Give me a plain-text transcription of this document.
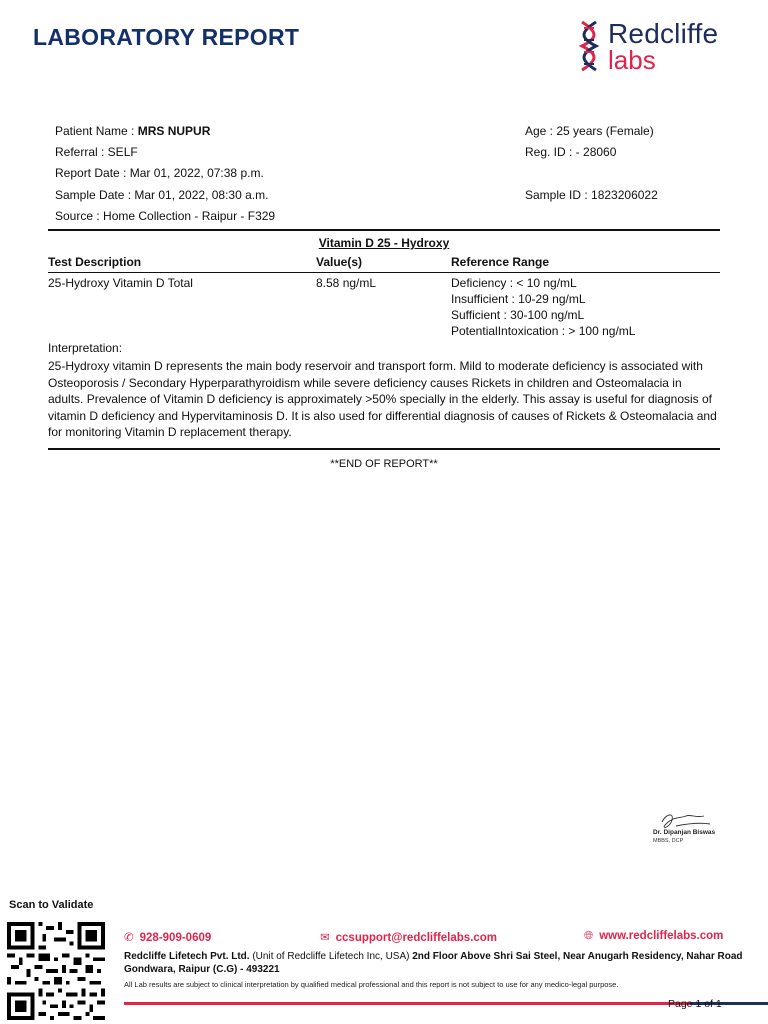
LABORATORY REPORT	Redcliffe
labs
Patient Name : MRS NUPUR	Age : 25 years (Female)
Referral : SELF	Reg. ID : - 28060
Report Date : Mar 01, 2022, 07:38 p.m.
Sample Date : Mar 01, 2022, 08:30 a.m.	Sample ID : 1823206022
Source : Home Collection - Raipur - F329
Vitamin D 25 - Hydroxy
Test Description	Value(s)	Reference Range
25-Hydroxy Vitamin D Total	8.58 ng/mL	Deficiency : < 10 ng/mL
Insufficient : 10-29 ng/mL
Sufficient : 30-100 ng/mL
PotentialIntoxication : > 100 ng/mL
Interpretation:
25-Hydroxy vitamin D represents the main body reservoir and transport form. Mild to moderate deficiency is associated with Osteoporosis / Secondary Hyperparathyroidism while severe deficiency causes Rickets in children and Osteomalacia in adults. Prevalence of Vitamin D deficiency is approximately >50% specially in the elderly. This assay is useful for diagnosis of vitamin D deficiency and Hypervitaminosis D. It is also used for differential diagnosis of causes of Rickets & Osteomalacia and for monitoring Vitamin D replacement therapy.
**END OF REPORT**
Dr. Dipanjan Biswas
MBBS, DCP
Scan to Validate
✆ 928-909-0609	✉ ccsupport@redcliffelabs.com	🌐︎ www.redcliffelabs.com
Redcliffe Lifetech Pvt. Ltd. (Unit of Redcliffe Lifetech Inc, USA) 2nd Floor Above Shri Sai Steel, Near Anugarh Residency, Nahar Road Gondwara, Raipur (C.G) - 493221
All Lab results are subject to clinical interpretation by qualified medical professional and this report is not subject to use for any medico-legal purpose.
Page 1 of 1
